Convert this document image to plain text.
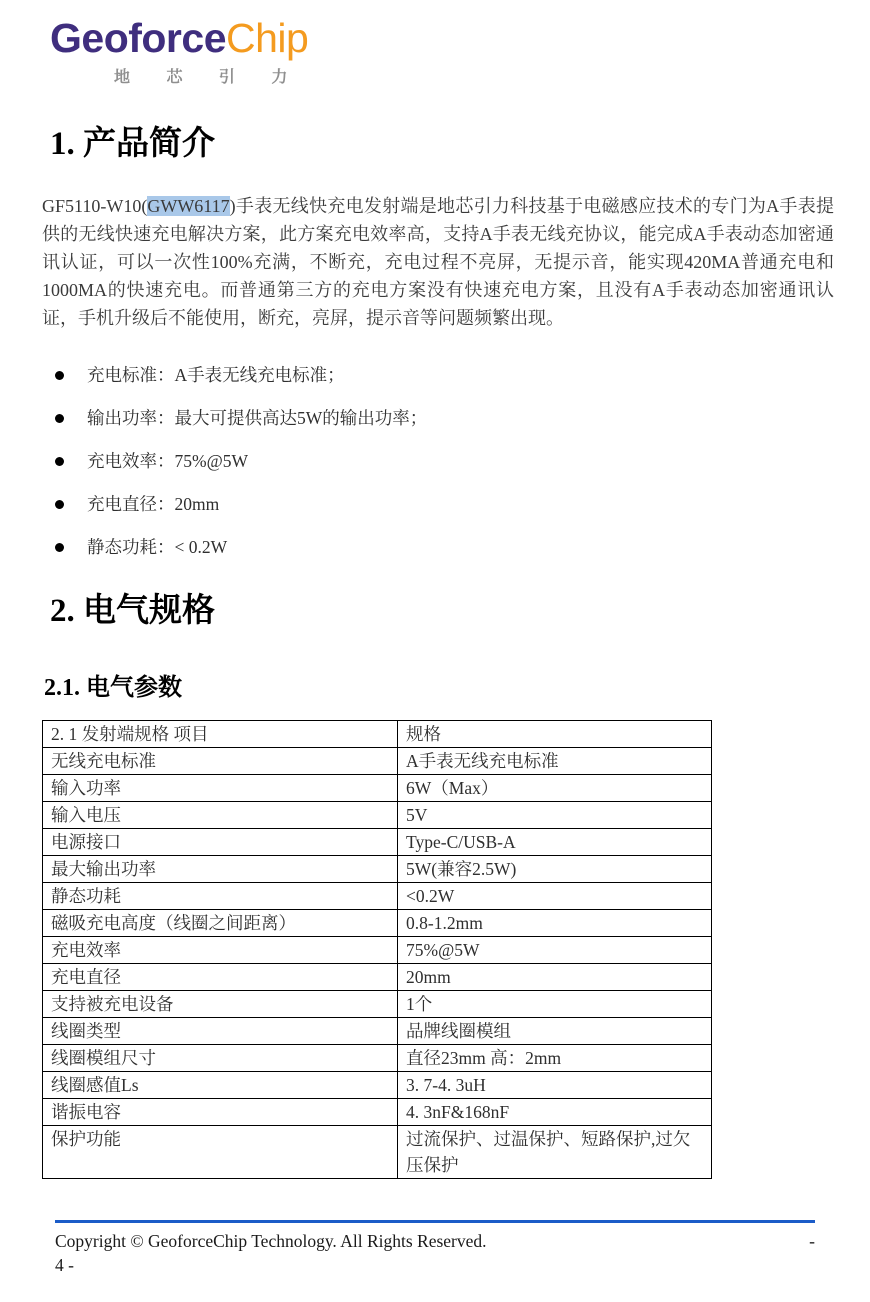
GeoforceChip
地 芯 引 力
1. 产品简介

GF5110-W10(GWW6117)手表无线快充电发射端是地芯引力科技基于电磁感应技术的专门为A手表提供的无线快速充电解决方案，此方案充电效率高，支持A手表无线充协议，能完成A手表动态加密通讯认证，可以一次性100%充满，不断充，充电过程不亮屏，无提示音，能实现420MA普通充电和1000MA的快速充电。而普通第三方的充电方案没有快速充电方案，且没有A手表动态加密通讯认证，手机升级后不能使用，断充，亮屏，提示音等问题频繁出现。

充电标准：A手表无线充电标准；
输出功率：最大可提供高达5W的输出功率；
充电效率：75%@5W
充电直径：20mm
静态功耗：< 0.2W
2. 电气规格
2.1. 电气参数
2. 1 发射端规格 项目	规格
无线充电标准	A手表无线充电标准
输入功率	6W（Max）
输入电压	5V
电源接口	Type-C/USB-A
最大输出功率	5W(兼容2.5W)
静态功耗	<0.2W
磁吸充电高度（线圈之间距离）	0.8-1.2mm
充电效率	75%@5W
充电直径	20mm
支持被充电设备	1个
线圈类型	品牌线圈模组
线圈模组尺寸	直径23mm 高：2mm
线圈感值Ls	3. 7-4. 3uH
谐振电容	4. 3nF&168nF
保护功能	过流保护、过温保护、短路保护,过欠压保护
Copyright © GeoforceChip Technology. All Rights Reserved.	-
4 -
